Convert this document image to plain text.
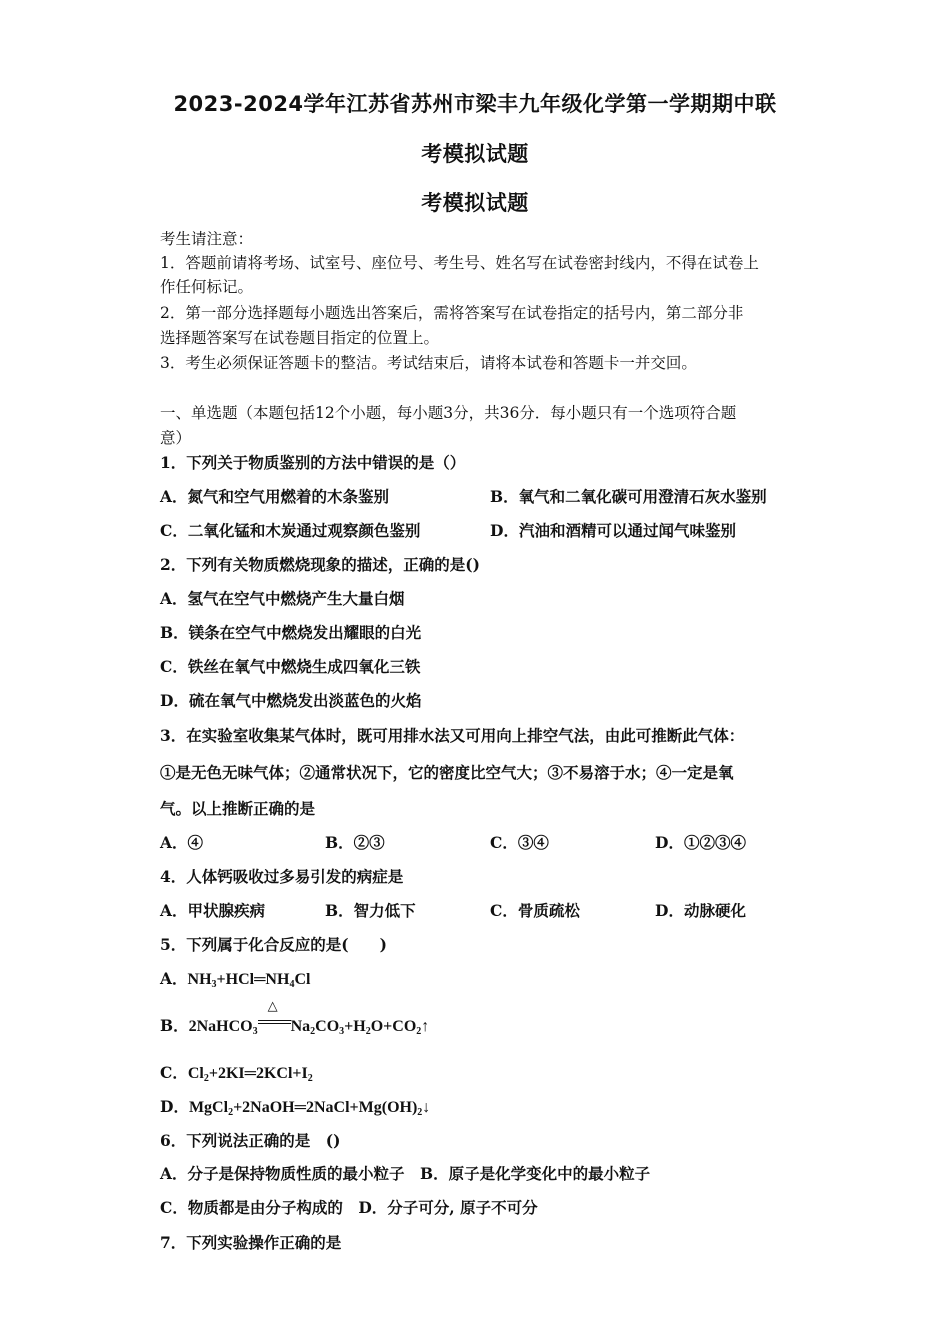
2023-2024学年江苏省苏州市梁丰九年级化学第一学期期中联
考模拟试题
考模拟试题
考生请注意：
1．答题前请将考场、试室号、座位号、考生号、姓名写在试卷密封线内，不得在试卷上
作任何标记。
2．第一部分选择题每小题选出答案后，需将答案写在试卷指定的括号内，第二部分非
选择题答案写在试卷题目指定的位置上。
3．考生必须保证答题卡的整洁。考试结束后，请将本试卷和答题卡一并交回。
一、单选题（本题包括12个小题，每小题3分，共36分．每小题只有一个选项符合题
意）
1．下列关于物质鉴别的方法中错误的是（）
A．氮气和空气用燃着的木条鉴别	B．氧气和二氧化碳可用澄清石灰水鉴别
C．二氧化锰和木炭通过观察颜色鉴别	D．汽油和酒精可以通过闻气味鉴别
2．下列有关物质燃烧现象的描述，正确的是()
A．氢气在空气中燃烧产生大量白烟
B．镁条在空气中燃烧发出耀眼的白光
C．铁丝在氧气中燃烧生成四氧化三铁
D．硫在氧气中燃烧发出淡蓝色的火焰
3．在实验室收集某气体时，既可用排水法又可用向上排空气法，由此可推断此气体：
①是无色无味气体；②通常状况下，它的密度比空气大；③不易溶于水；④一定是氧
气。以上推断正确的是
A．④	B．②③	C．③④	D．①②③④
4．人体钙吸收过多易引发的病症是
A．甲状腺疾病	B．智力低下	C．骨质疏松	D．动脉硬化
5．下列属于化合反应的是(　　)
A．$NH_3+HCl═NH_4Cl$
B．2NaHCO$_3$
△
$Na_2CO_3+H_2O+CO_2↑$
C．$Cl_2+2KI═2KCl+I_2$
D．$MgCl_2+2NaOH═2NaCl+Mg(OH)_2↓$
6．下列说法正确的是　()
A．分子是保持物质性质的最小粒子　B．原子是化学变化中的最小粒子
C．物质都是由分子构成的　D．分子可分, 原子不可分
7．下列实验操作正确的是
